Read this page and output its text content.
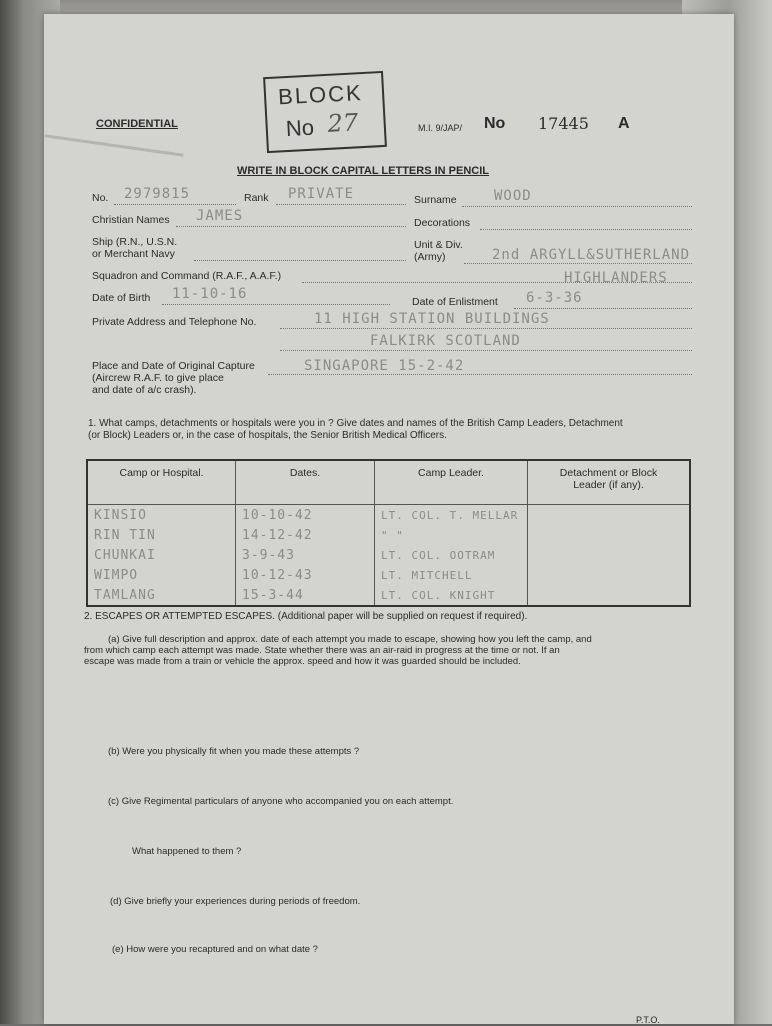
CONFIDENTIAL
BLOCK
No 27	M.I. 9/JAP/ No 17445 A
WRITE IN BLOCK CAPITAL LETTERS IN PENCIL
No. 2979815	Rank PRIVATE	Surname	WOOD
Christian Names JAMES	Decorations
Ship (R.N., U.S.N.
or Merchant Navy
Unit & Div.
(Army)	2nd ARGYLL&SUTHERLAND
Squadron and Command (R.A.F., A.A.F.)	HIGHLANDERS
Date of Birth 11-10-16	Date of Enlistment 6-3-36
Private Address and Telephone No.	11 HIGH STATION BUILDINGS
FALKIRK SCOTLAND
Place and Date of Original Capture
(Aircrew R.A.F. to give place
and date of a/c crash).
SINGAPORE 15-2-42
1. What camps, detachments or hospitals were you in ? Give dates and names of the British Camp Leaders, Detachment
(or Block) Leaders or, in the case of hospitals, the Senior British Medical Officers.
Camp or Hospital.	Dates.	Camp Leader.	Detachment or Block Leader (if any).
KINSIO	10-10-42	LT. COL. T. MELLAR	
RIN TIN	14-12-42	" "	
CHUNKAI	3-9-43	LT. COL. OOTRAM	
WIMPO	10-12-43	LT. MITCHELL	
TAMLANG	15-3-44	LT. COL. KNIGHT	
2. ESCAPES OR ATTEMPTED ESCAPES. (Additional paper will be supplied on request if required).
(a) Give full description and approx. date of each attempt you made to escape, showing how you left the camp, and
from which camp each attempt was made. State whether there was an air-raid in progress at the time or not. If an
escape was made from a train or vehicle the approx. speed and how it was guarded should be included.
(b) Were you physically fit when you made these attempts ?
(c) Give Regimental particulars of anyone who accompanied you on each attempt.
What happened to them ?
(d) Give briefly your experiences during periods of freedom.
(e) How were you recaptured and on what date ?
P.T.O.
